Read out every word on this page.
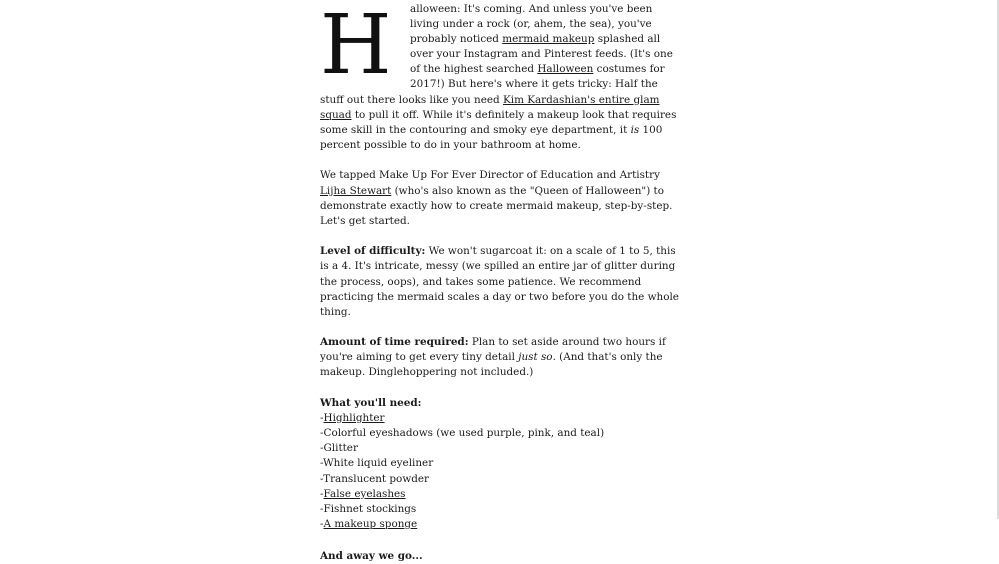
H	alloween: It's coming. And unless you've been living under a rock (or, ahem, the sea), you've probably noticed mermaid makeup splashed all over your Instagram and Pinterest feeds. (It's one of the highest searched Halloween costumes for 2017!) But here's where it gets tricky: Half the stuff out there looks like you need Kim Kardashian's entire glam squad to pull it off. While it's definitely a makeup look that requires some skill in the contouring and smoky eye department, it is 100 percent possible to do in your bathroom at home.

We tapped Make Up For Ever Director of Education and Artistry Lijha Stewart (who's also known as the "Queen of Halloween") to demonstrate exactly how to create mermaid makeup, step-by-step. Let's get started.

Level of difficulty: We won't sugarcoat it: on a scale of 1 to 5, this is a 4. It's intricate, messy (we spilled an entire jar of glitter during the process, oops), and takes some patience. We recommend practicing the mermaid scales a day or two before you do the whole thing.

Amount of time required: Plan to set aside around two hours if you're aiming to get every tiny detail just so. (And that's only the makeup. Dinglehoppering not included.)

What you'll need:
-Highlighter
-Colorful eyeshadows (we used purple, pink, and teal)
-Glitter
-White liquid eyeliner
-Translucent powder
-False eyelashes
-Fishnet stockings
-A makeup sponge
And away we go...
